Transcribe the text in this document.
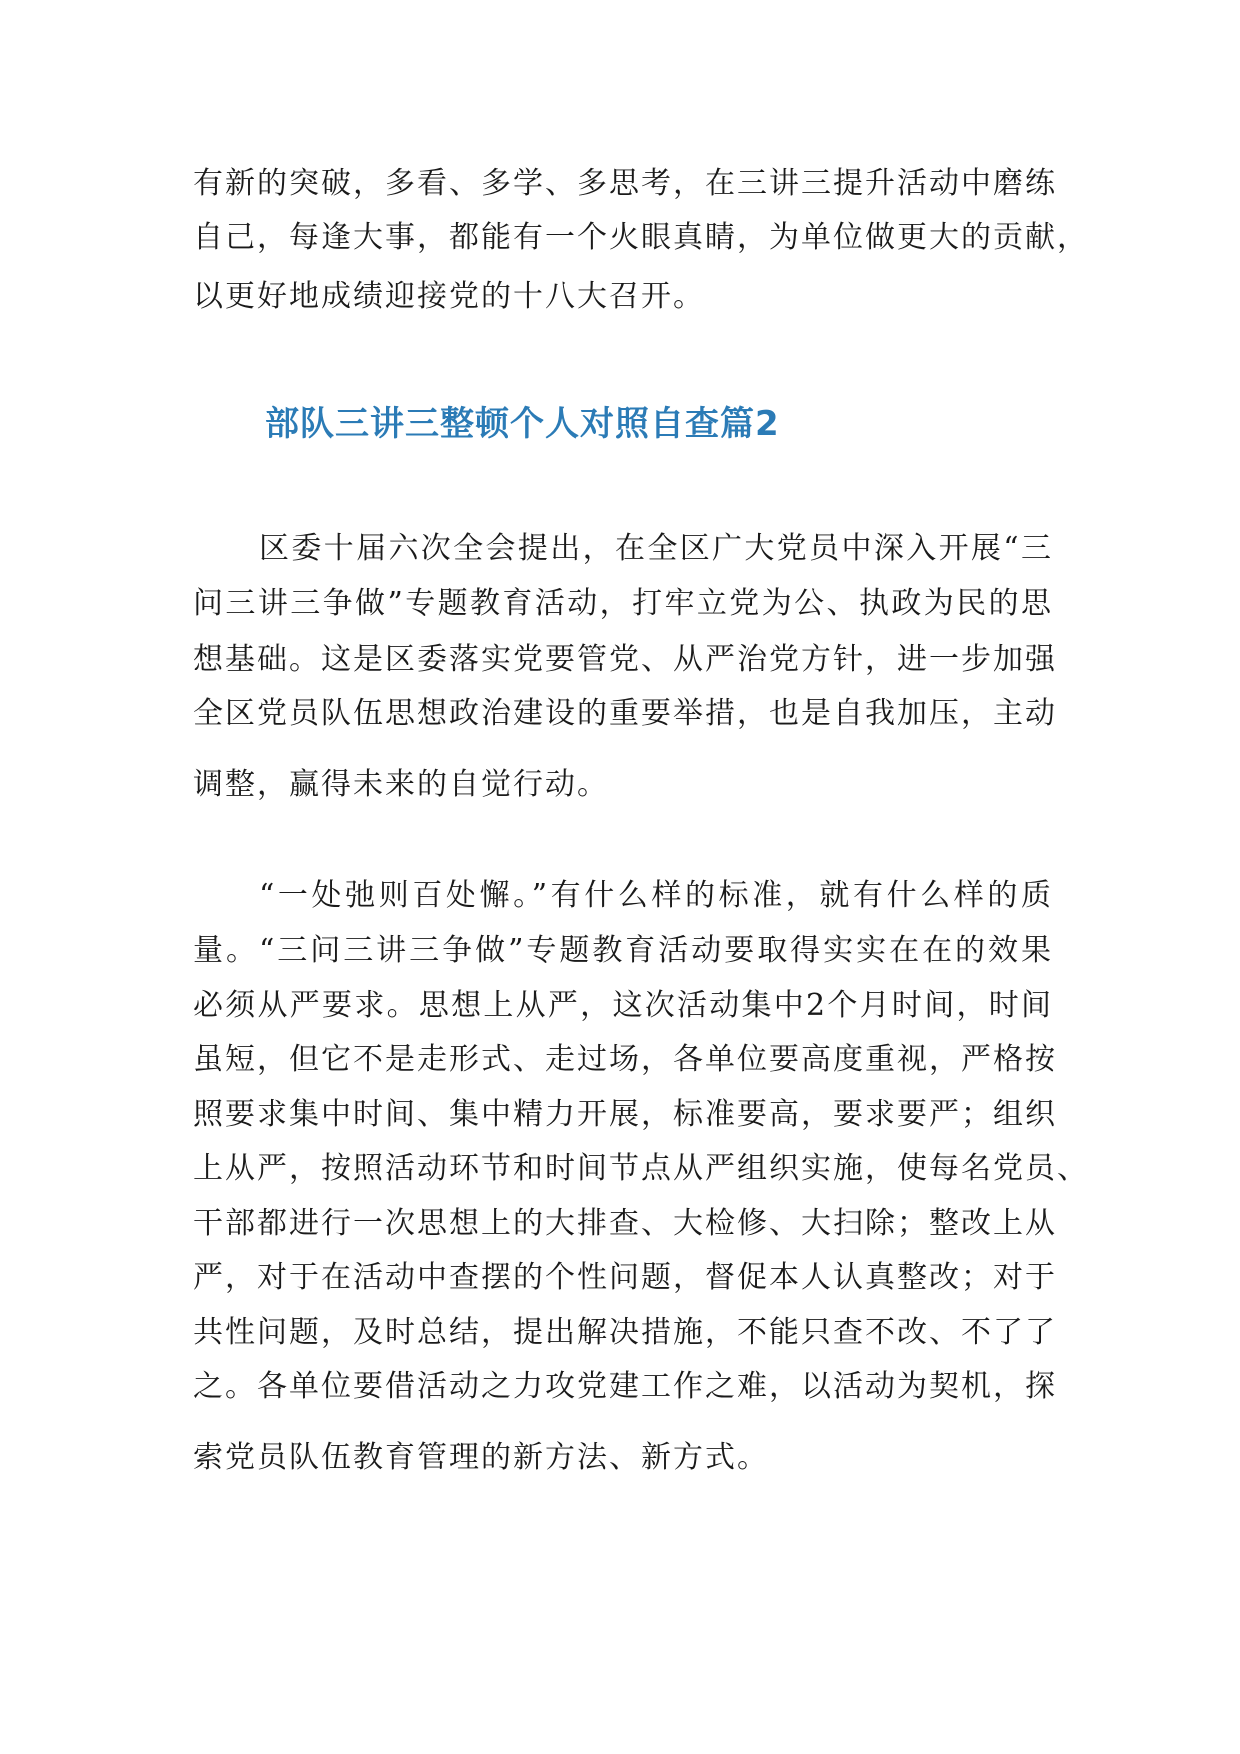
有新的突破，多看、多学、多思考，在三讲三提升活动中磨练
自己，每逢大事，都能有一个火眼真睛，为单位做更大的贡献，
以更好地成绩迎接党的十八大召开。
部队三讲三整顿个人对照自查篇2
区委十届六次全会提出，在全区广大党员中深入开展“三
问三讲三争做”专题教育活动，打牢立党为公、执政为民的思
想基础。这是区委落实党要管党、从严治党方针，进一步加强
全区党员队伍思想政治建设的重要举措，也是自我加压，主动
调整，赢得未来的自觉行动。
“一处弛则百处懈。”有什么样的标准，就有什么样的质
量。“三问三讲三争做”专题教育活动要取得实实在在的效果
必须从严要求。思想上从严，这次活动集中2个月时间，时间
虽短，但它不是走形式、走过场，各单位要高度重视，严格按
照要求集中时间、集中精力开展，标准要高，要求要严；组织
上从严，按照活动环节和时间节点从严组织实施，使每名党员、
干部都进行一次思想上的大排查、大检修、大扫除；整改上从
严，对于在活动中查摆的个性问题，督促本人认真整改；对于
共性问题，及时总结，提出解决措施，不能只查不改、不了了
之。各单位要借活动之力攻党建工作之难，以活动为契机，探
索党员队伍教育管理的新方法、新方式。
